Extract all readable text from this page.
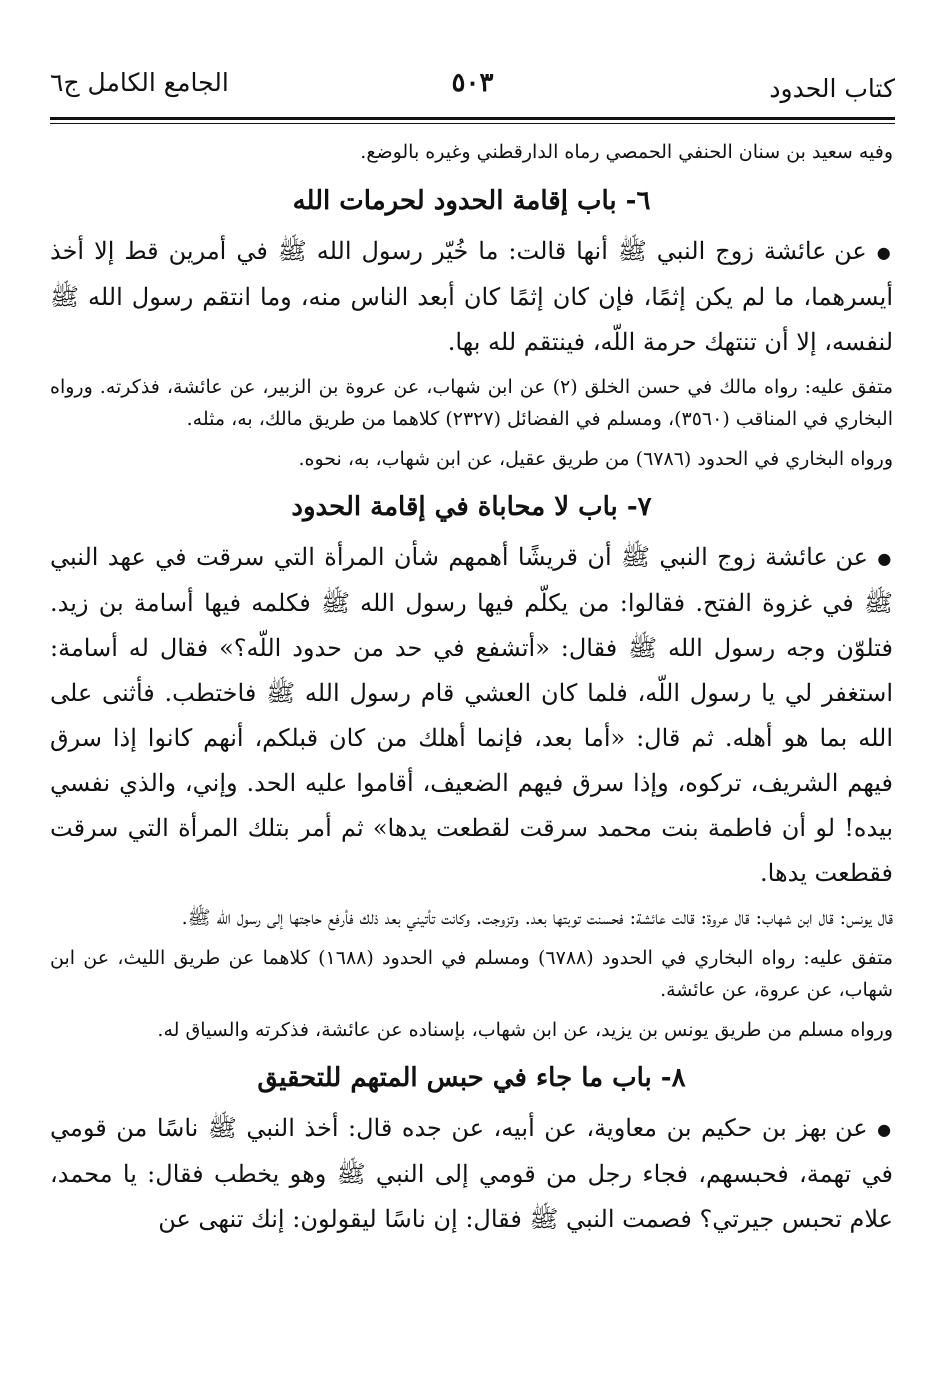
كتاب الحدود
٥٠٣
الجامع الكامل ج٦

وفيه سعيد بن سنان الحنفي الحمصي رماه الدارقطني وغيره بالوضع.

٦- باب إقامة الحدود لحرمات الله

● عن عائشة زوج النبي ﷺ أنها قالت: ما خُيّر رسول الله ﷺ في أمرين قط إلا أخذ أيسرهما، ما لم يكن إثمًا، فإن كان إثمًا كان أبعد الناس منه، وما انتقم رسول الله ﷺ لنفسه، إلا أن تنتهك حرمة اللّه، فينتقم لله بها.

متفق عليه: رواه مالك في حسن الخلق (٢) عن ابن شهاب، عن عروة بن الزبير، عن عائشة، فذكرته. ورواه البخاري في المناقب (٣٥٦٠)، ومسلم في الفضائل (٢٣٢٧) كلاهما من طريق مالك، به، مثله.

ورواه البخاري في الحدود (٦٧٨٦) من طريق عقيل، عن ابن شهاب، به، نحوه.

٧- باب لا محاباة في إقامة الحدود

● عن عائشة زوج النبي ﷺ أن قريشًا أهمهم شأن المرأة التي سرقت في عهد النبي ﷺ في غزوة الفتح. فقالوا: من يكلّم فيها رسول الله ﷺ فكلمه فيها أسامة بن زيد. فتلوّن وجه رسول الله ﷺ فقال: «أتشفع في حد من حدود اللّه؟» فقال له أسامة: استغفر لي يا رسول اللّه، فلما كان العشي قام رسول الله ﷺ فاختطب. فأثنى على الله بما هو أهله. ثم قال: «أما بعد، فإنما أهلك من كان قبلكم، أنهم كانوا إذا سرق فيهم الشريف، تركوه، وإذا سرق فيهم الضعيف، أقاموا عليه الحد. وإني، والذي نفسي بيده! لو أن فاطمة بنت محمد سرقت لقطعت يدها» ثم أمر بتلك المرأة التي سرقت فقطعت يدها.

قال يونس: قال ابن شهاب: قال عروة: قالت عائشة: فحسنت توبتها بعد. وتزوجت. وكانت تأتيني بعد ذلك فأرفع حاجتها إلى رسول الله ﷺ.

متفق عليه: رواه البخاري في الحدود (٦٧٨٨) ومسلم في الحدود (١٦٨٨) كلاهما عن طريق الليث، عن ابن شهاب، عن عروة، عن عائشة.

ورواه مسلم من طريق يونس بن يزيد، عن ابن شهاب، بإسناده عن عائشة، فذكرته والسياق له.

٨- باب ما جاء في حبس المتهم للتحقيق

● عن بهز بن حكيم بن معاوية، عن أبيه، عن جده قال: أخذ النبي ﷺ ناسًا من قومي في تهمة، فحبسهم، فجاء رجل من قومي إلى النبي ﷺ وهو يخطب فقال: يا محمد، علام تحبس جيرتي؟ فصمت النبي ﷺ فقال: إن ناسًا ليقولون: إنك تنهى عن
